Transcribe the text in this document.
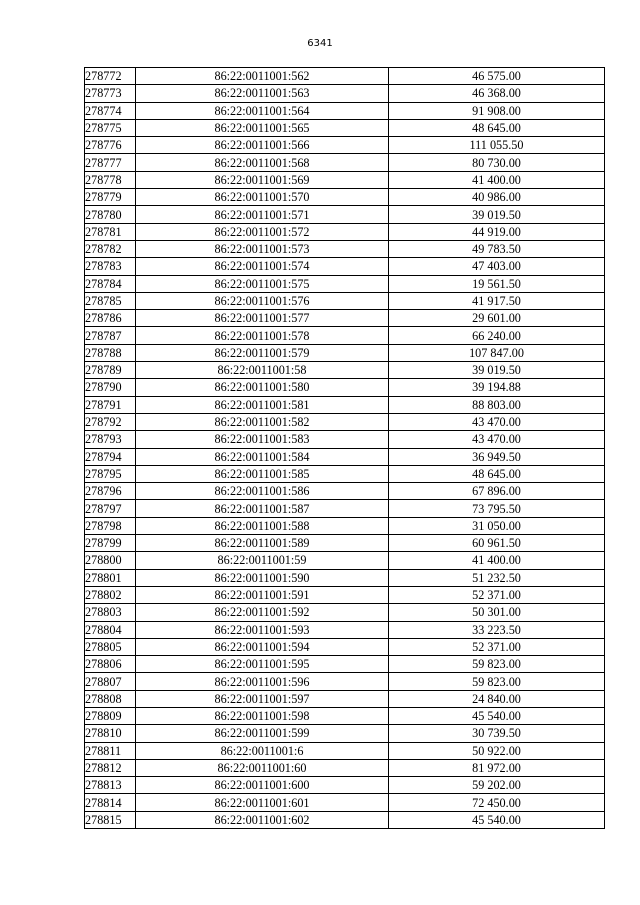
6341
278772	86:22:0011001:562	46 575.00
278773	86:22:0011001:563	46 368.00
278774	86:22:0011001:564	91 908.00
278775	86:22:0011001:565	48 645.00
278776	86:22:0011001:566	111 055.50
278777	86:22:0011001:568	80 730.00
278778	86:22:0011001:569	41 400.00
278779	86:22:0011001:570	40 986.00
278780	86:22:0011001:571	39 019.50
278781	86:22:0011001:572	44 919.00
278782	86:22:0011001:573	49 783.50
278783	86:22:0011001:574	47 403.00
278784	86:22:0011001:575	19 561.50
278785	86:22:0011001:576	41 917.50
278786	86:22:0011001:577	29 601.00
278787	86:22:0011001:578	66 240.00
278788	86:22:0011001:579	107 847.00
278789	86:22:0011001:58	39 019.50
278790	86:22:0011001:580	39 194.88
278791	86:22:0011001:581	88 803.00
278792	86:22:0011001:582	43 470.00
278793	86:22:0011001:583	43 470.00
278794	86:22:0011001:584	36 949.50
278795	86:22:0011001:585	48 645.00
278796	86:22:0011001:586	67 896.00
278797	86:22:0011001:587	73 795.50
278798	86:22:0011001:588	31 050.00
278799	86:22:0011001:589	60 961.50
278800	86:22:0011001:59	41 400.00
278801	86:22:0011001:590	51 232.50
278802	86:22:0011001:591	52 371.00
278803	86:22:0011001:592	50 301.00
278804	86:22:0011001:593	33 223.50
278805	86:22:0011001:594	52 371.00
278806	86:22:0011001:595	59 823.00
278807	86:22:0011001:596	59 823.00
278808	86:22:0011001:597	24 840.00
278809	86:22:0011001:598	45 540.00
278810	86:22:0011001:599	30 739.50
278811	86:22:0011001:6	50 922.00
278812	86:22:0011001:60	81 972.00
278813	86:22:0011001:600	59 202.00
278814	86:22:0011001:601	72 450.00
278815	86:22:0011001:602	45 540.00
